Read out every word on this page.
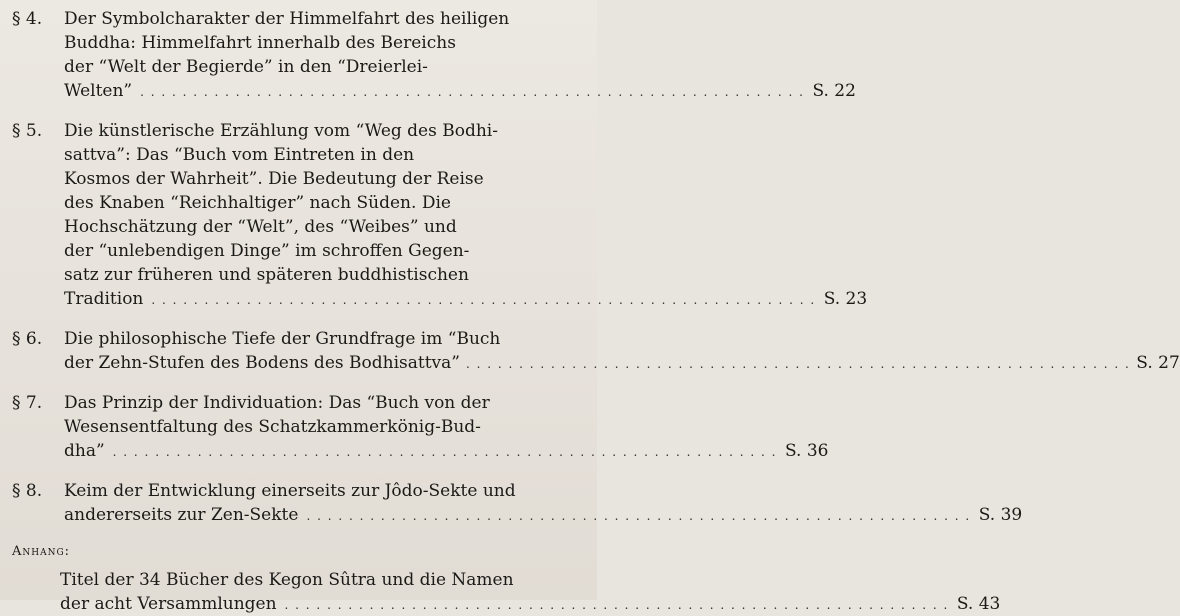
§ 4.	Der Symbolcharakter der Himmelfahrt des heiligen
Buddha: Himmelfahrt innerhalb des Bereichs
der “Welt der Begierde” in den “Dreierlei-
Welten” . . .	S. 22
§ 5.	Die künstlerische Erzählung vom “Weg des Bodhi-
sattva”: Das “Buch vom Eintreten in den
Kosmos der Wahrheit”. Die Bedeutung der Reise
des Knaben “Reichhaltiger” nach Süden. Die
Hochschätzung der “Welt”, des “Weibes” und
der “unlebendigen Dinge” im schroffen Gegen-
satz zur früheren und späteren buddhistischen
Tradition . . .	S. 23
§ 6.	Die philosophische Tiefe der Grundfrage im “Buch
der Zehn-Stufen des Bodens des Bodhisattva” . . .	S. 27
§ 7.	Das Prinzip der Individuation: Das “Buch von der
Wesensentfaltung des Schatzkammerkönig-Bud-
dha” . . .	S. 36
§ 8.	Keim der Entwicklung einerseits zur Jôdo-Sekte und
andererseits zur Zen-Sekte . . .	S. 39
Anhang:
Titel der 34 Bücher des Kegon Sûtra und die Namen
der acht Versammlungen . . .	S. 43
